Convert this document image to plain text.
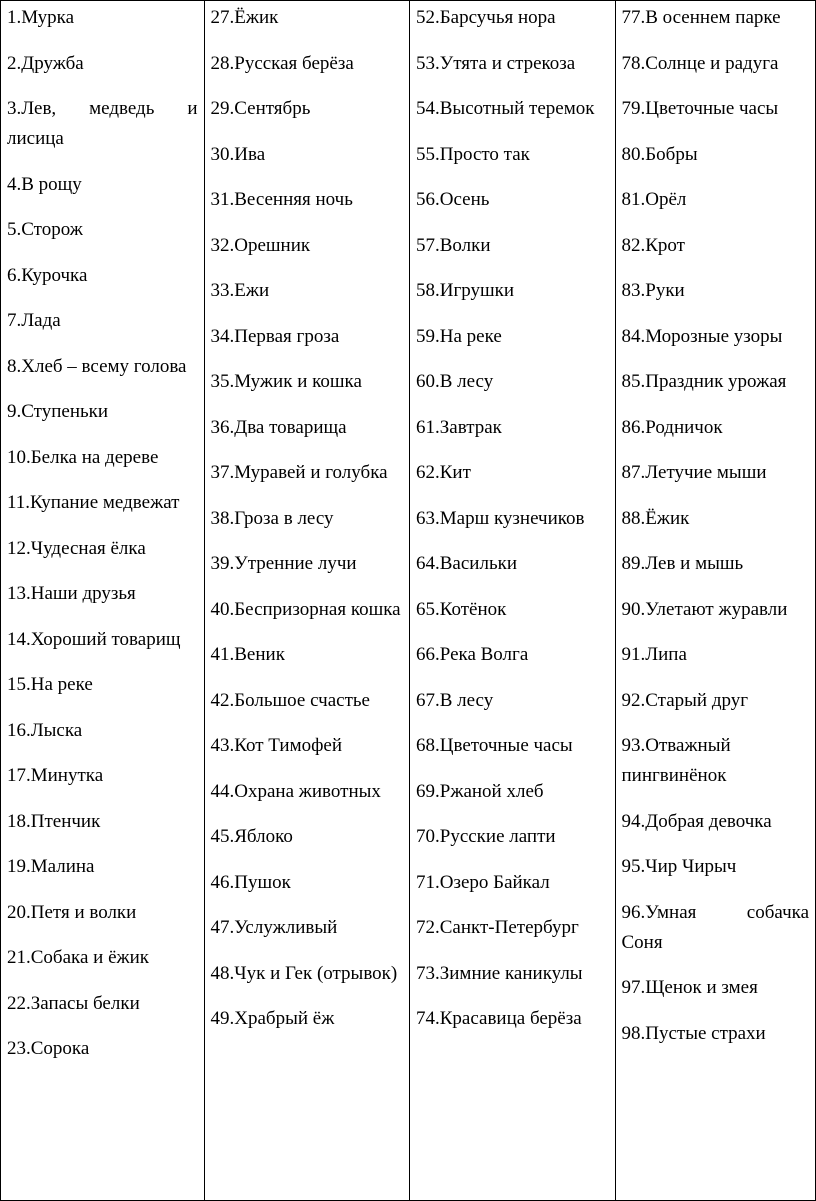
1.Мурка
2.Дружба
3.Лев, медведь и лисица
4.В рощу
5.Сторож
6.Курочка
7.Лада
8.Хлеб – всему голова
9.Ступеньки
10.Белка на дереве
11.Купание медвежат
12.Чудесная ёлка
13.Наши друзья
14.Хороший товарищ
15.На реке
16.Лыска
17.Минутка
18.Птенчик
19.Малина
20.Петя и волки
21.Собака и ёжик
22.Запасы белки
23.Сорока
27.Ёжик
28.Русская берёза
29.Сентябрь
30.Ива
31.Весенняя ночь
32.Орешник
33.Ежи
34.Первая гроза
35.Мужик и кошка
36.Два товарища
37.Муравей и голубка
38.Гроза в лесу
39.Утренние лучи
40.Беспризорная кошка
41.Веник
42.Большое счастье
43.Кот Тимофей
44.Охрана животных
45.Яблоко
46.Пушок
47.Услужливый
48.Чук и Гек (отрывок)
49.Храбрый ёж
52.Барсучья нора
53.Утята и стрекоза
54.Высотный теремок
55.Просто так
56.Осень
57.Волки
58.Игрушки
59.На реке
60.В лесу
61.Завтрак
62.Кит
63.Марш кузнечиков
64.Васильки
65.Котёнок
66.Река Волга
67.В лесу
68.Цветочные часы
69.Ржаной хлеб
70.Русские лапти
71.Озеро Байкал
72.Санкт-Петербург
73.Зимние каникулы
74.Красавица берёза
77.В осеннем парке
78.Солнце и радуга
79.Цветочные часы
80.Бобры
81.Орёл
82.Крот
83.Руки
84.Морозные узоры
85.Праздник урожая
86.Родничок
87.Летучие мыши
88.Ёжик
89.Лев и мышь
90.Улетают журавли
91.Липа
92.Старый друг
93.Отважный пингвинёнок
94.Добрая девочка
95.Чир Чирыч
96.Умная собачка Соня
97.Щенок и змея
98.Пустые страхи
